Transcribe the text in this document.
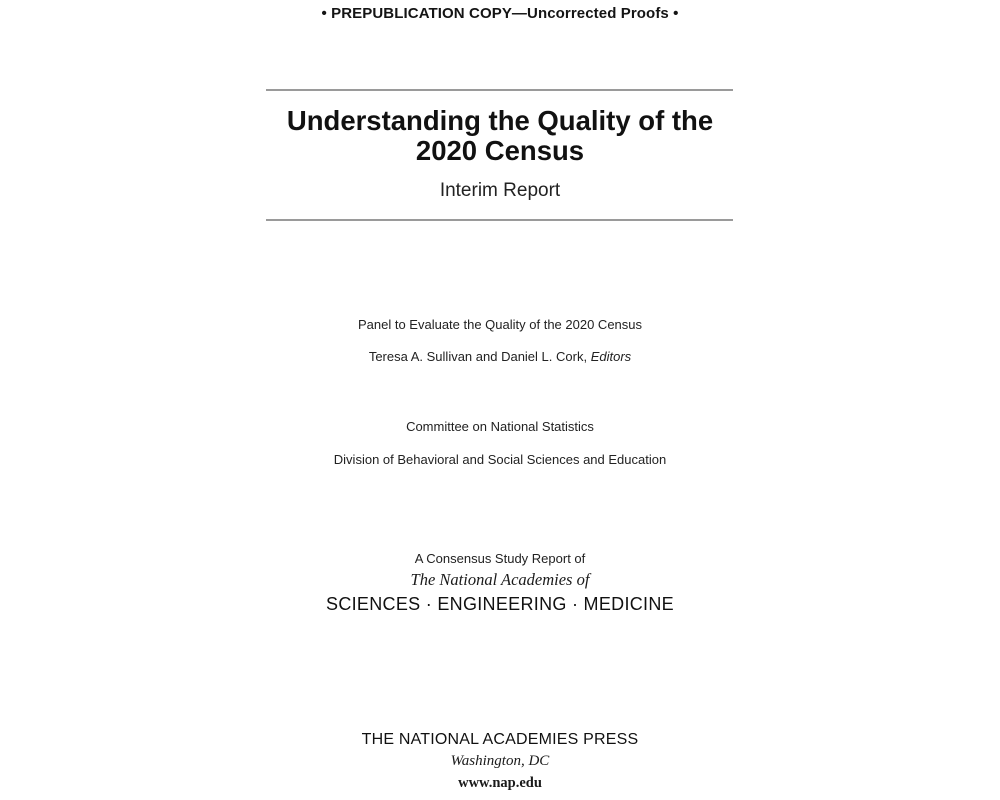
• PREPUBLICATION COPY—Uncorrected Proofs •
Understanding the Quality of the
2020 Census
Interim Report
Panel to Evaluate the Quality of the 2020 Census
Teresa A. Sullivan and Daniel L. Cork, Editors
Committee on National Statistics
Division of Behavioral and Social Sciences and Education
A Consensus Study Report of
The National Academies of
SCIENCES · ENGINEERING · MEDICINE
THE NATIONAL ACADEMIES PRESS
Washington, DC
www.nap.edu
